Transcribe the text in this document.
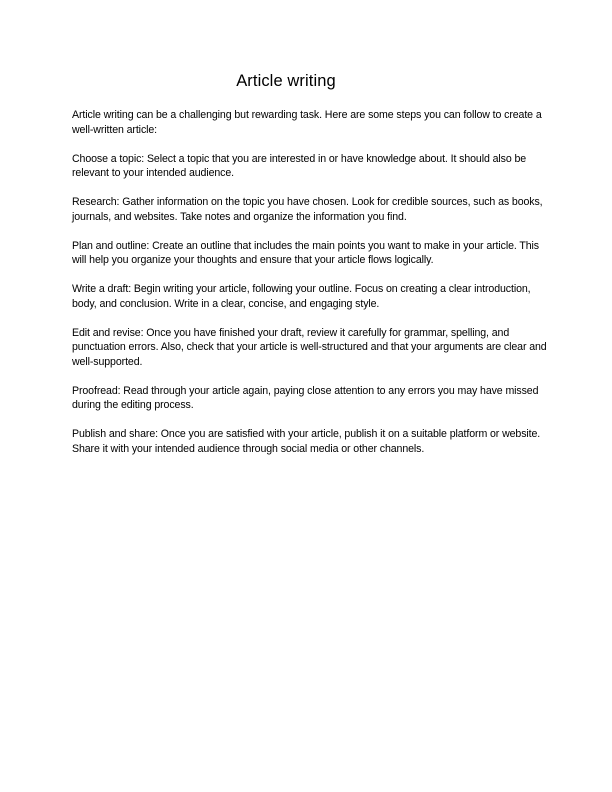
Article writing

Article writing can be a challenging but rewarding task. Here are some steps you can follow to create a well-written article:

Choose a topic: Select a topic that you are interested in or have knowledge about. It should also be relevant to your intended audience.

Research: Gather information on the topic you have chosen. Look for credible sources, such as books, journals, and websites. Take notes and organize the information you find.

Plan and outline: Create an outline that includes the main points you want to make in your article. This will help you organize your thoughts and ensure that your article flows logically.

Write a draft: Begin writing your article, following your outline. Focus on creating a clear introduction, body, and conclusion. Write in a clear, concise, and engaging style.

Edit and revise: Once you have finished your draft, review it carefully for grammar, spelling, and punctuation errors. Also, check that your article is well-structured and that your arguments are clear and well-supported.

Proofread: Read through your article again, paying close attention to any errors you may have missed during the editing process.

Publish and share: Once you are satisfied with your article, publish it on a suitable platform or website. Share it with your intended audience through social media or other channels.
